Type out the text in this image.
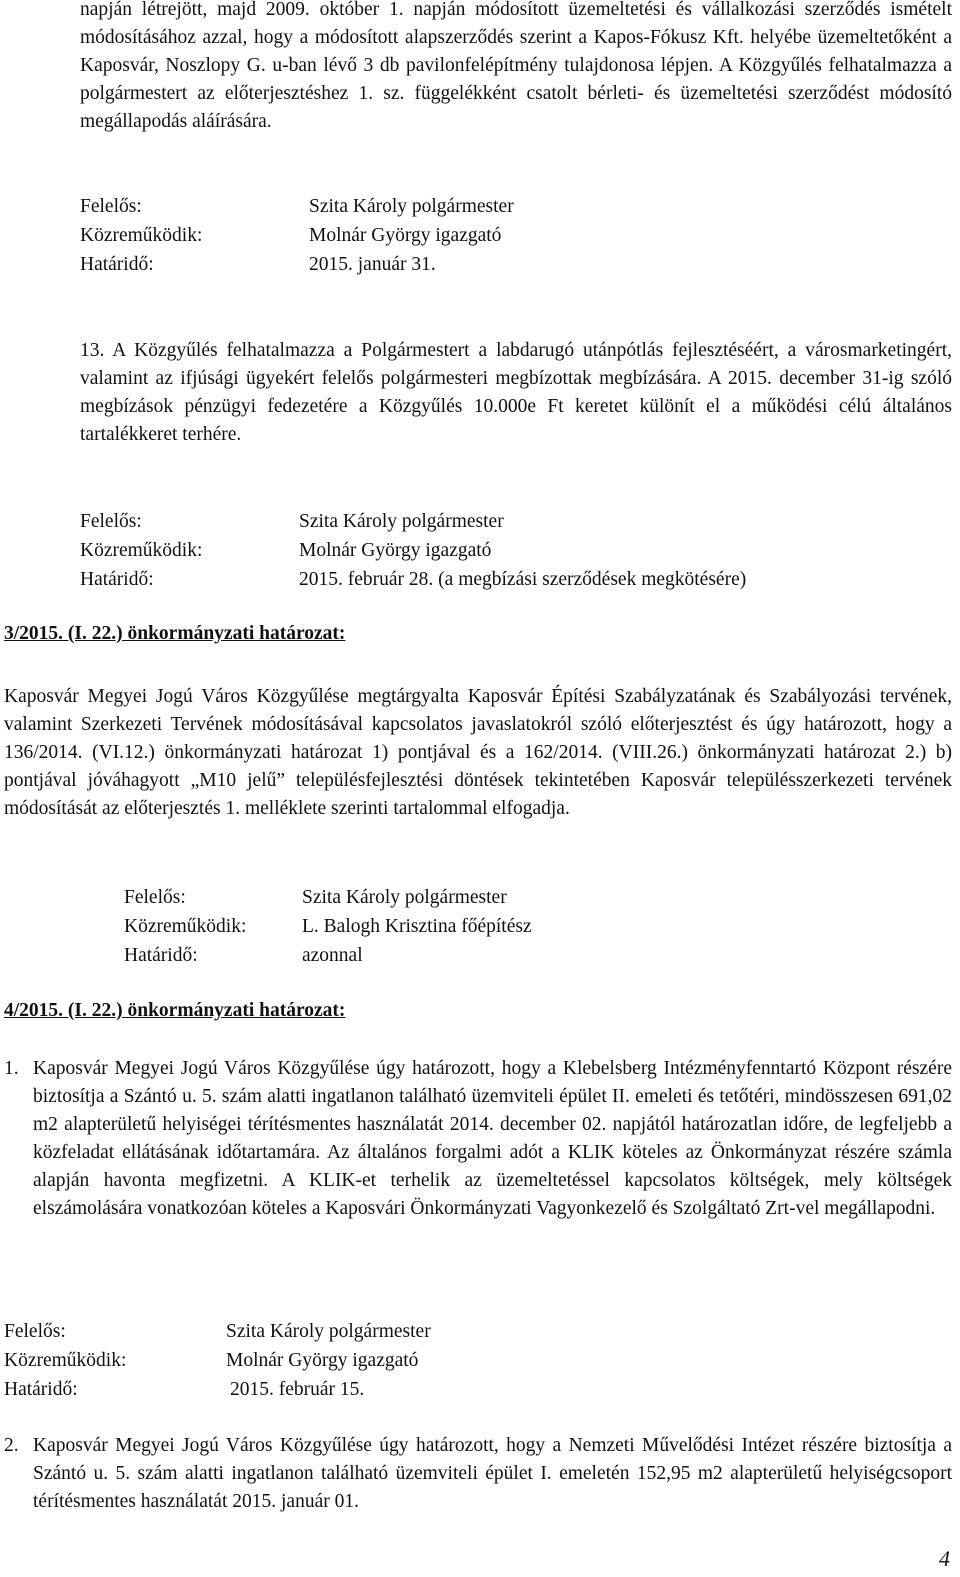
napján létrejött, majd 2009. október 1. napján módosított üzemeltetési és vállalkozási szerződés ismételt módosításához azzal, hogy a módosított alapszerződés szerint a Kapos-Fókusz Kft. helyébe üzemeltetőként a Kaposvár, Noszlopy G. u-ban lévő 3 db pavilonfelépítmény tulajdonosa lépjen. A Közgyűlés felhatalmazza a polgármestert az előterjesztéshez 1. sz. függelékként csatolt bérleti- és üzemeltetési szerződést módosító megállapodás aláírására.

Felelős:	Szita Károly polgármester
Közreműködik:	Molnár György igazgató
Határidő:	2015. január 31.

13. A Közgyűlés felhatalmazza a Polgármestert a labdarugó utánpótlás fejlesztéséért, a városmarketingért, valamint az ifjúsági ügyekért felelős polgármesteri megbízottak megbízására. A 2015. december 31-ig szóló megbízások pénzügyi fedezetére a Közgyűlés 10.000e Ft keretet különít el a működési célú általános tartalékkeret terhére.

Felelős:	Szita Károly polgármester
Közreműködik:	Molnár György igazgató
Határidő:	2015. február 28. (a megbízási szerződések megkötésére)
3/2015. (I. 22.) önkormányzati határozat:

Kaposvár Megyei Jogú Város Közgyűlése megtárgyalta Kaposvár Építési Szabályzatának és Szabályozási tervének, valamint Szerkezeti Tervének módosításával kapcsolatos javaslatokról szóló előterjesztést és úgy határozott, hogy a 136/2014. (VI.12.) önkormányzati határozat 1) pontjával és a 162/2014. (VIII.26.) önkormányzati határozat 2.) b) pontjával jóváhagyott „M10 jelű” településfejlesztési döntések tekintetében Kaposvár településszerkezeti tervének módosítását az előterjesztés 1. melléklete szerinti tartalommal elfogadja.

Felelős:	Szita Károly polgármester
Közreműködik:	L. Balogh Krisztina főépítész
Határidő:	azonnal
4/2015. (I. 22.) önkormányzati határozat:
1. Kaposvár Megyei Jogú Város Közgyűlése úgy határozott, hogy a Klebelsberg Intézményfenntartó Központ részére biztosítja a Szántó u. 5. szám alatti ingatlanon található üzemviteli épület II. emeleti és tetőtéri, mindösszesen 691,02 m2 alapterületű helyiségei térítésmentes használatát 2014. december 02. napjától határozatlan időre, de legfeljebb a közfeladat ellátásának időtartamára. Az általános forgalmi adót a KLIK köteles az Önkormányzat részére számla alapján havonta megfizetni. A KLIK-et terhelik az üzemeltetéssel kapcsolatos költségek, mely költségek elszámolására vonatkozóan köteles a Kaposvári Önkormányzati Vagyonkezelő és Szolgáltató Zrt-vel megállapodni.

Felelős:	Szita Károly polgármester
Közreműködik:	Molnár György igazgató
Határidő:	2015. február 15.
2. Kaposvár Megyei Jogú Város Közgyűlése úgy határozott, hogy a Nemzeti Művelődési Intézet részére biztosítja a Szántó u. 5. szám alatti ingatlanon található üzemviteli épület I. emeletén 152,95 m2 alapterületű helyiségcsoport térítésmentes használatát 2015. január 01.

4
